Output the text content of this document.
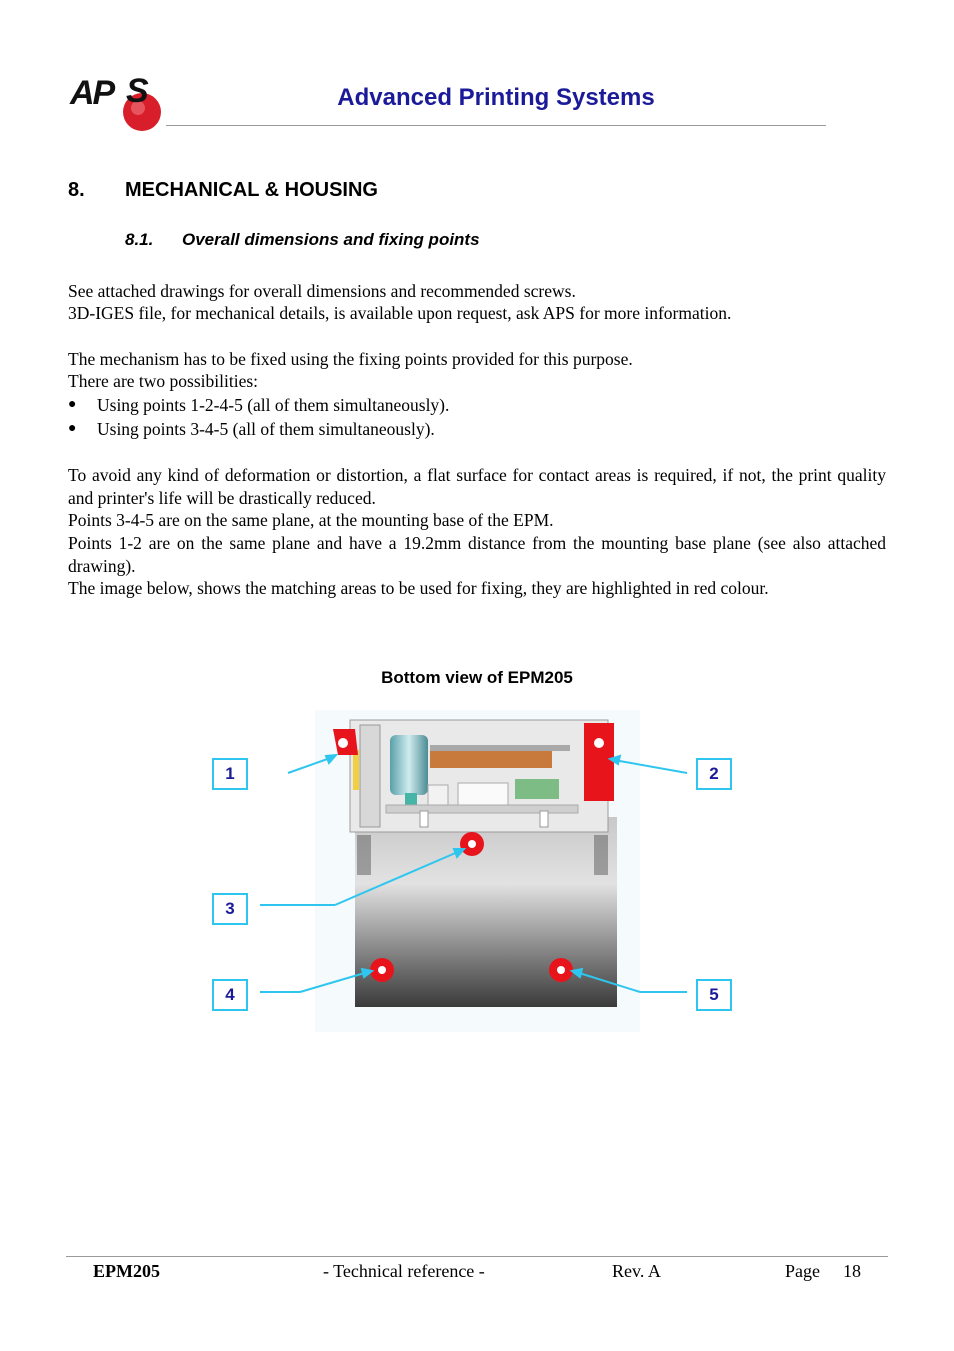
AP S	Advanced Printing Systems
8. MECHANICAL & HOUSING
8.1. Overall dimensions and fixing points
See attached drawings for overall dimensions and recommended screws.
3D-IGES file, for mechanical details, is available upon request, ask APS for more information.
The mechanism has to be fixed using the fixing points provided for this purpose.
There are two possibilities:
● Using points 1-2-4-5 (all of them simultaneously).
● Using points 3-4-5 (all of them simultaneously).
To avoid any kind of deformation or distortion, a flat surface for contact areas is required, if not, the print quality and printer's life will be drastically reduced.
Points 3-4-5 are on the same plane, at the mounting base of the EPM.
Points 1-2 are on the same plane and have a 19.2mm distance from the mounting base plane (see also attached drawing).
The image below, shows the matching areas to be used for fixing, they are highlighted in red colour.
Bottom view of EPM205
1	2
3
4	5
EPM205	- Technical reference -	Rev. A	Page 18
